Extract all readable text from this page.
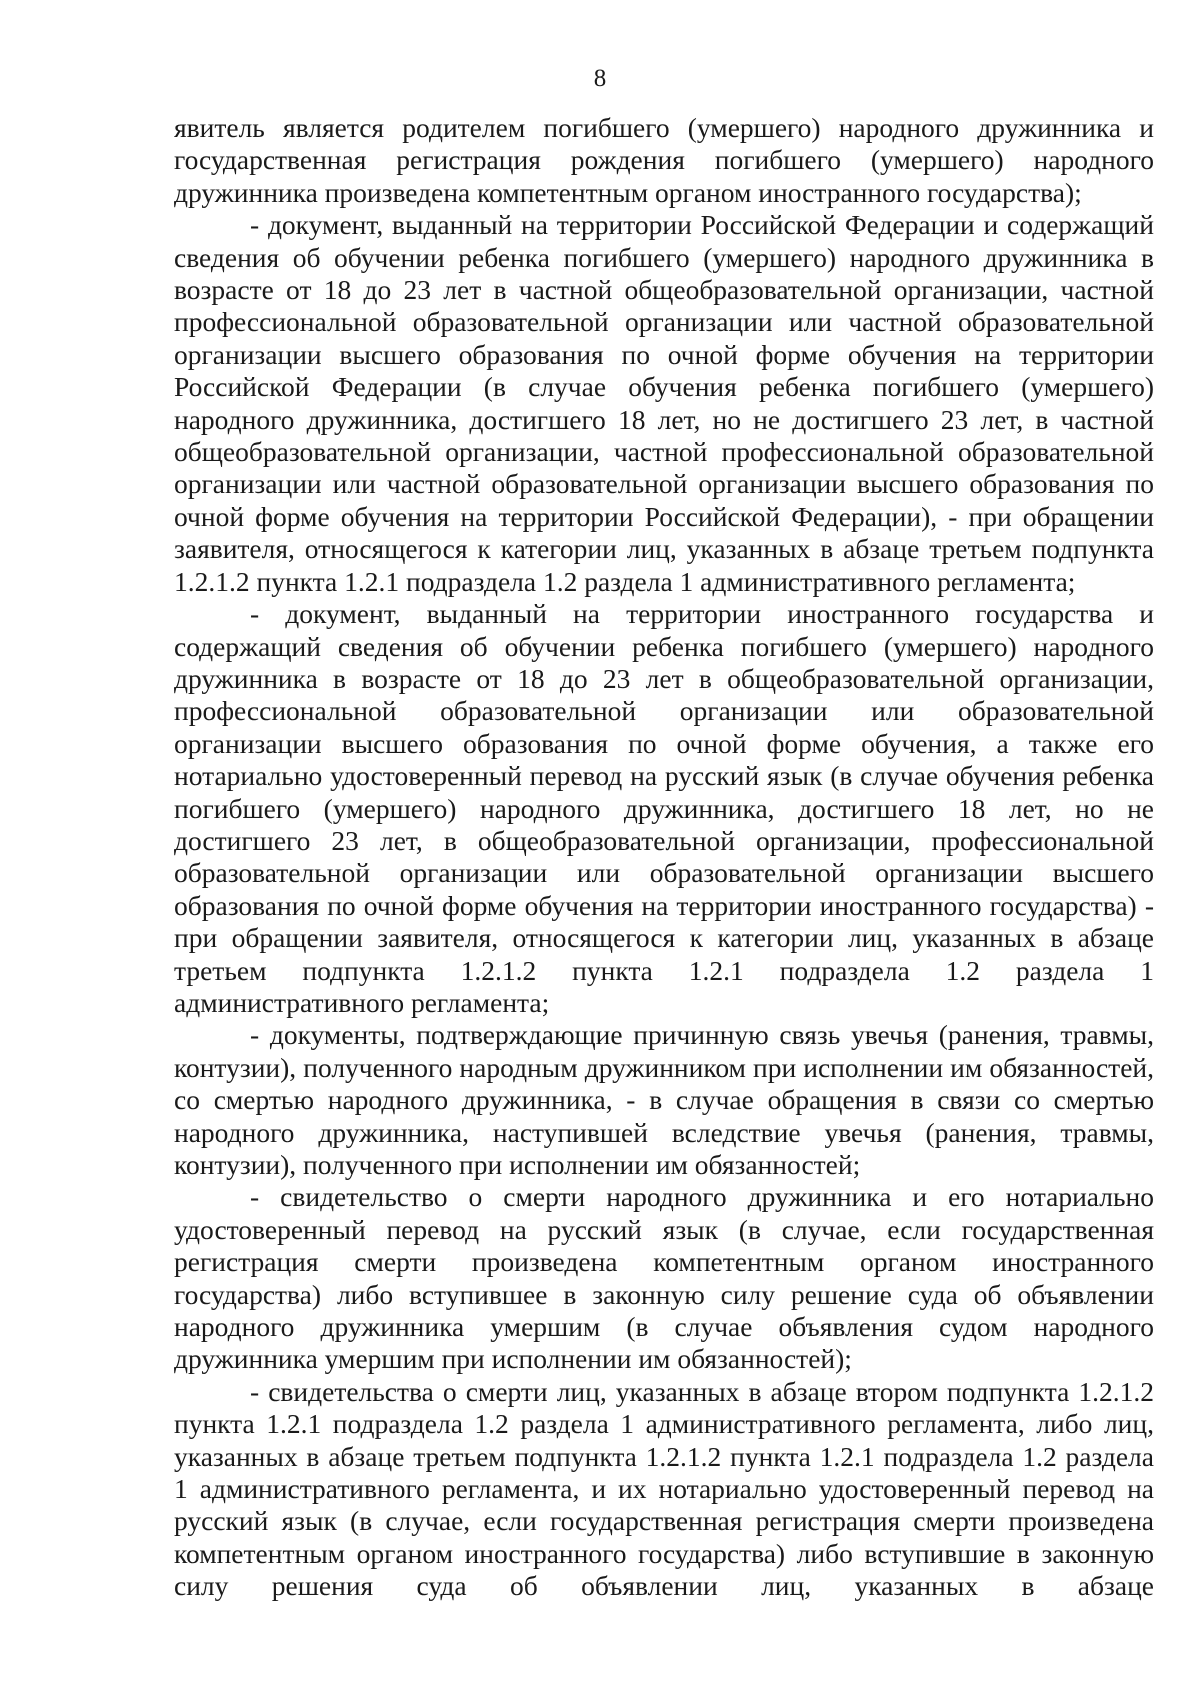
8

явитель является родителем погибшего (умершего) народного дружинника и государственная регистрация рождения погибшего (умершего) народного дружинника произведена компетентным органом иностранного государства);

- документ, выданный на территории Российской Федерации и содержащий сведения об обучении ребенка погибшего (умершего) народного дружинника в возрасте от 18 до 23 лет в частной общеобразовательной организации, частной профессиональной образовательной организации или частной образовательной организации высшего образования по очной форме обучения на территории Российской Федерации (в случае обучения ребенка погибшего (умершего) народного дружинника, достигшего 18 лет, но не достигшего 23 лет, в частной общеобразовательной организации, частной профессиональной образовательной организации или частной образовательной организации высшего образования по очной форме обучения на территории Российской Федерации), - при обращении заявителя, относящегося к категории лиц, указанных в абзаце третьем подпункта 1.2.1.2 пункта 1.2.1 подраздела 1.2 раздела 1 административного регламента;

- документ, выданный на территории иностранного государства и содержащий сведения об обучении ребенка погибшего (умершего) народного дружинника в возрасте от 18 до 23 лет в общеобразовательной организации, профессиональной образовательной организации или образовательной организации высшего образования по очной форме обучения, а также его нотариально удостоверенный перевод на русский язык (в случае обучения ребенка погибшего (умершего) народного дружинника, достигшего 18 лет, но не достигшего 23 лет, в общеобразовательной организации, профессиональной образовательной организации или образовательной организации высшего образования по очной форме обучения на территории иностранного государства) - при обращении заявителя, относящегося к категории лиц, указанных в абзаце третьем подпункта 1.2.1.2 пункта 1.2.1 подраздела 1.2 раздела 1 административного регламента;

- документы, подтверждающие причинную связь увечья (ранения, травмы, контузии), полученного народным дружинником при исполнении им обязанностей, со смертью народного дружинника, - в случае обращения в связи со смертью народного дружинника, наступившей вследствие увечья (ранения, травмы, контузии), полученного при исполнении им обязанностей;

- свидетельство о смерти народного дружинника и его нотариально удостоверенный перевод на русский язык (в случае, если государственная регистрация смерти произведена компетентным органом иностранного государства) либо вступившее в законную силу решение суда об объявлении народного дружинника умершим (в случае объявления судом народного дружинника умершим при исполнении им обязанностей);

- свидетельства о смерти лиц, указанных в абзаце втором подпункта 1.2.1.2 пункта 1.2.1 подраздела 1.2 раздела 1 административного регламента, либо лиц, указанных в абзаце третьем подпункта 1.2.1.2 пункта 1.2.1 подраздела 1.2 раздела 1 административного регламента, и их нотариально удостоверенный перевод на русский язык (в случае, если государственная регистрация смерти произведена компетентным органом иностранного государства) либо вступившие в законную силу решения суда об объявлении лиц, указанных в абзаце
